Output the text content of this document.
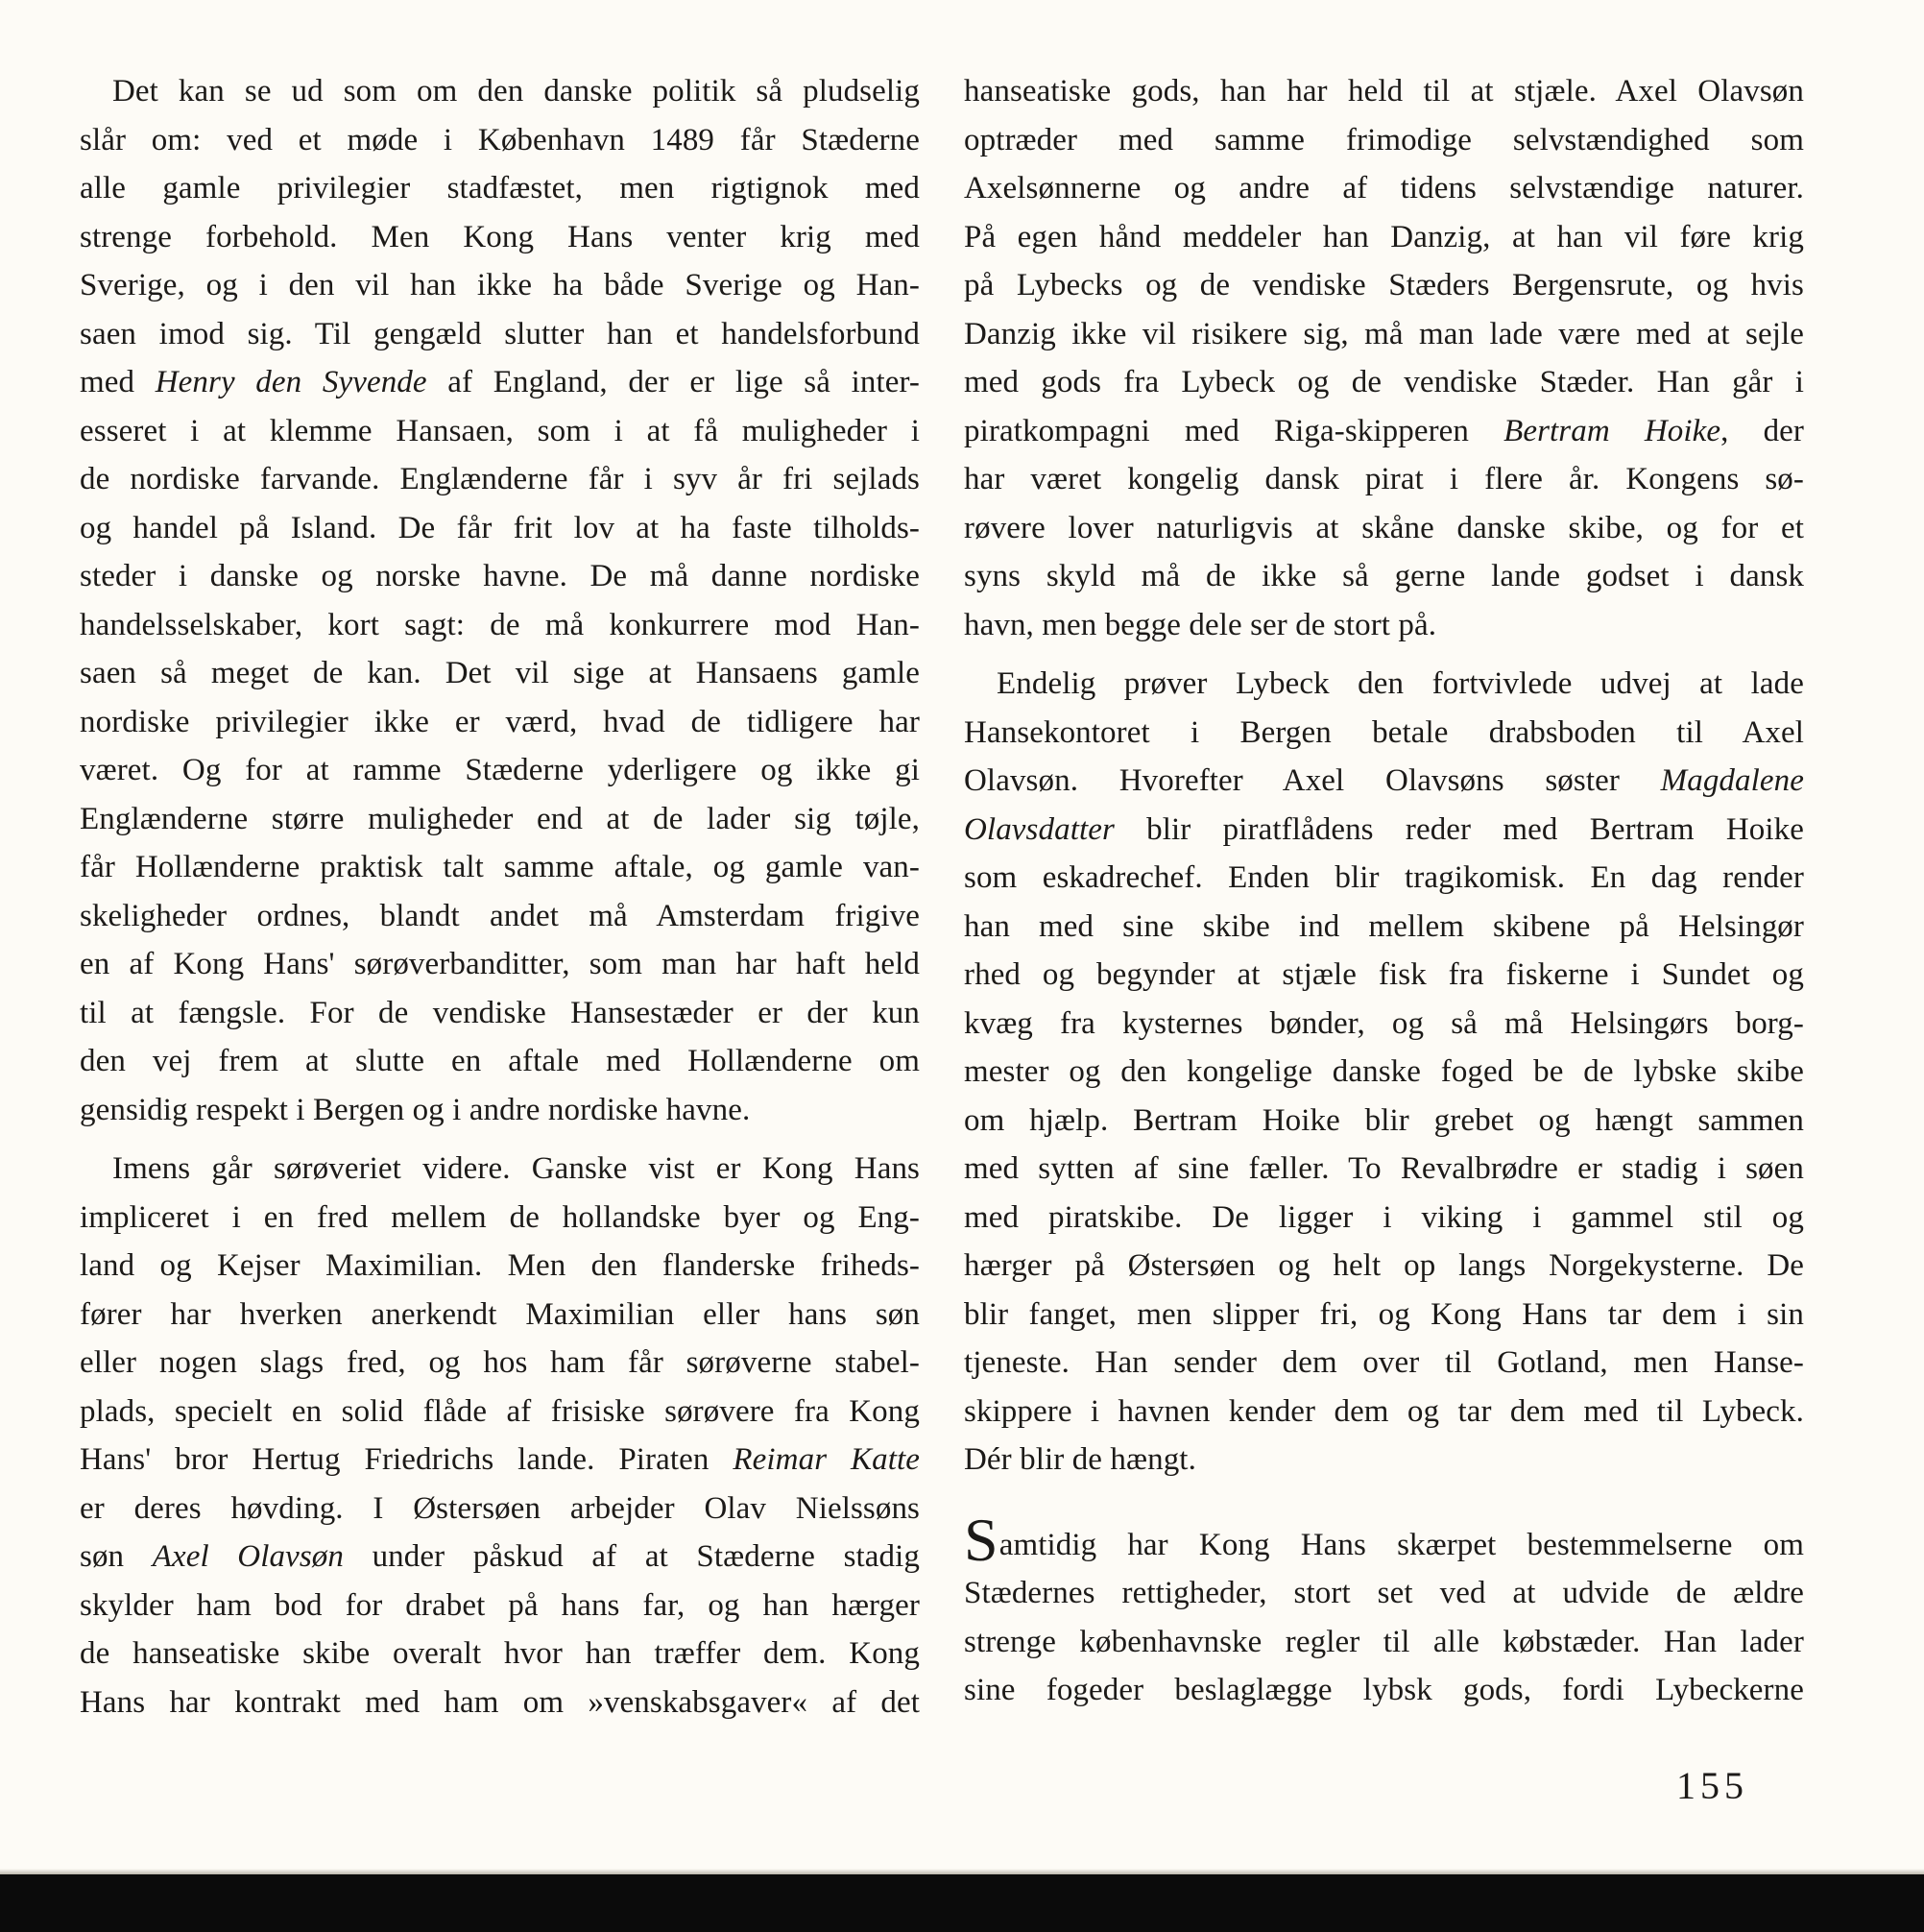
Det kan se ud som om den danske politik så pludselig
slår om: ved et møde i København 1489 får Stæderne
alle gamle privilegier stadfæstet, men rigtignok med
strenge forbehold. Men Kong Hans venter krig med
Sverige, og i den vil han ikke ha både Sverige og Han-
saen imod sig. Til gengæld slutter han et handelsforbund
med Henry den Syvende af England, der er lige så inter-
esseret i at klemme Hansaen, som i at få muligheder i
de nordiske farvande. Englænderne får i syv år fri sejlads
og handel på Island. De får frit lov at ha faste tilholds-
steder i danske og norske havne. De må danne nordiske
handelsselskaber, kort sagt: de må konkurrere mod Han-
saen så meget de kan. Det vil sige at Hansaens gamle
nordiske privilegier ikke er værd, hvad de tidligere har
været. Og for at ramme Stæderne yderligere og ikke gi
Englænderne større muligheder end at de lader sig tøjle,
får Hollænderne praktisk talt samme aftale, og gamle van-
skeligheder ordnes, blandt andet må Amsterdam frigive
en af Kong Hans' sørøverbanditter, som man har haft held
til at fængsle. For de vendiske Hansestæder er der kun
den vej frem at slutte en aftale med Hollænderne om
gensidig respekt i Bergen og i andre nordiske havne.
Imens går sørøveriet videre. Ganske vist er Kong Hans
impliceret i en fred mellem de hollandske byer og Eng-
land og Kejser Maximilian. Men den flanderske friheds-
fører har hverken anerkendt Maximilian eller hans søn
eller nogen slags fred, og hos ham får sørøverne stabel-
plads, specielt en solid flåde af frisiske sørøvere fra Kong
Hans' bror Hertug Friedrichs lande. Piraten Reimar Katte
er deres høvding. I Østersøen arbejder Olav Nielssøns
søn Axel Olavsøn under påskud af at Stæderne stadig
skylder ham bod for drabet på hans far, og han hærger
de hanseatiske skibe overalt hvor han træffer dem. Kong
Hans har kontrakt med ham om »venskabsgaver« af det
hanseatiske gods, han har held til at stjæle. Axel Olavsøn
optræder med samme frimodige selvstændighed som
Axelsønnerne og andre af tidens selvstændige naturer.
På egen hånd meddeler han Danzig, at han vil føre krig
på Lybecks og de vendiske Stæders Bergensrute, og hvis
Danzig ikke vil risikere sig, må man lade være med at sejle
med gods fra Lybeck og de vendiske Stæder. Han går i
piratkompagni med Riga-skipperen Bertram Hoike, der
har været kongelig dansk pirat i flere år. Kongens sø-
røvere lover naturligvis at skåne danske skibe, og for et
syns skyld må de ikke så gerne lande godset i dansk
havn, men begge dele ser de stort på.
Endelig prøver Lybeck den fortvivlede udvej at lade
Hansekontoret i Bergen betale drabsboden til Axel
Olavsøn. Hvorefter Axel Olavsøns søster Magdalene
Olavsdatter blir piratflådens reder med Bertram Hoike
som eskadrechef. Enden blir tragikomisk. En dag render
han med sine skibe ind mellem skibene på Helsingør
rhed og begynder at stjæle fisk fra fiskerne i Sundet og
kvæg fra kysternes bønder, og så må Helsingørs borg-
mester og den kongelige danske foged be de lybske skibe
om hjælp. Bertram Hoike blir grebet og hængt sammen
med sytten af sine fæller. To Revalbrødre er stadig i søen
med piratskibe. De ligger i viking i gammel stil og
hærger på Østersøen og helt op langs Norgekysterne. De
blir fanget, men slipper fri, og Kong Hans tar dem i sin
tjeneste. Han sender dem over til Gotland, men Hanse-
skippere i havnen kender dem og tar dem med til Lybeck.
Dér blir de hængt.
Samtidig har Kong Hans skærpet bestemmelserne om
Stædernes rettigheder, stort set ved at udvide de ældre
strenge københavnske regler til alle købstæder. Han lader
sine fogeder beslaglægge lybsk gods, fordi Lybeckerne
155
